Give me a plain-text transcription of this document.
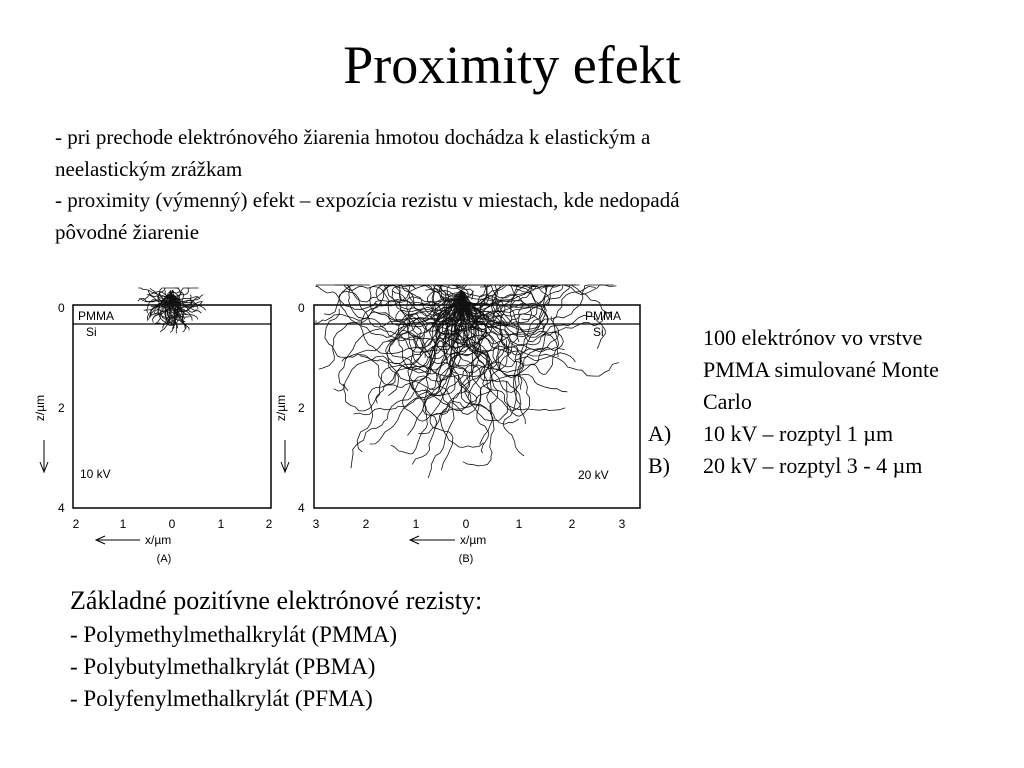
Proximity efekt
- pri prechode elektrónového žiarenia hmotou dochádza k elastickým a
neelastickým zrážkam
- proximity (výmenný) efekt – expozícia rezistu v miestach, kde nedopadá
pôvodné žiarenie
PMMA
Si
10 kV
0
2
4
z/µm
2	1	0	1	2
x/µm
(A)
PMMA
Si
20 kV
0
2
4
z/µm
3	2	1	0	1	2	3
x/µm
(B)
100 elektrónov vo vrstve
PMMA simulované Monte
Carlo
A)	10 kV – rozptyl 1 µm
B)	20 kV – rozptyl 3 - 4 µm
Základné pozitívne elektrónové rezisty:
- Polymethylmethalkrylát (PMMA)
- Polybutylmethalkrylát (PBMA)
- Polyfenylmethalkrylát (PFMA)
